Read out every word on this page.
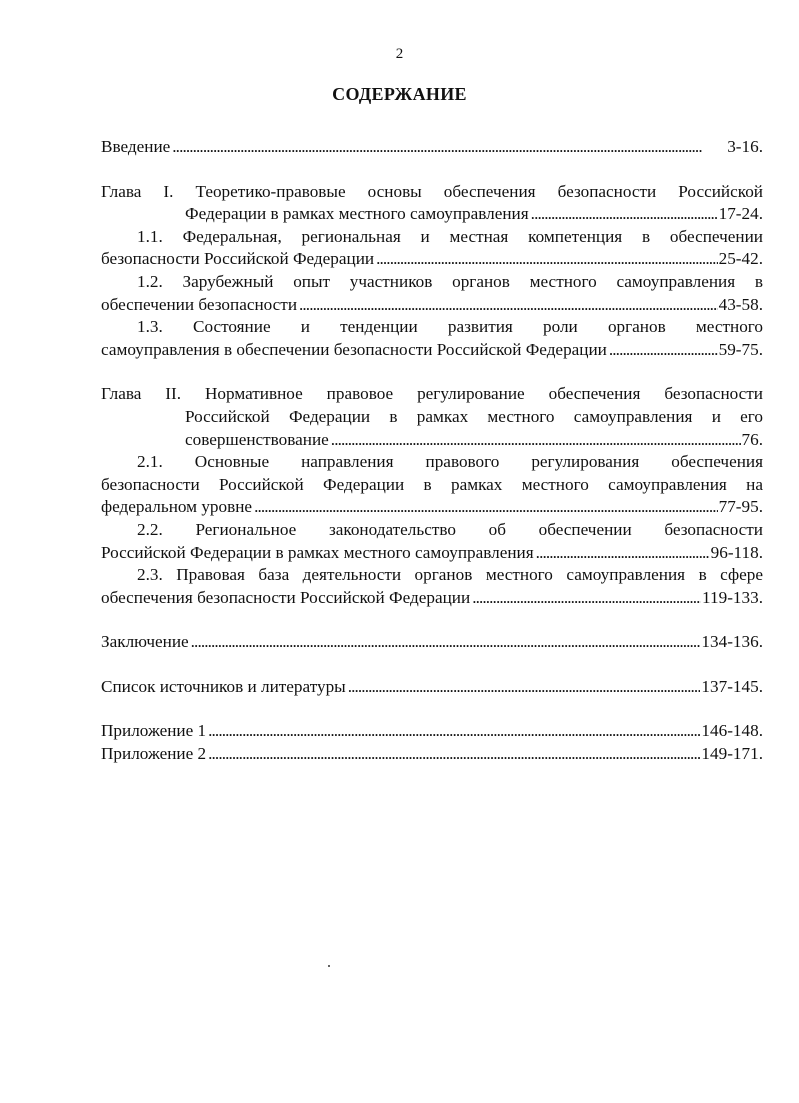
2
СОДЕРЖАНИЕ
Введение . . .	3-16.
Глава I. Теоретико-правовые основы обеспечения безопасности Российской
Федерации в рамках местного самоуправления . . .	17-24.
1.1. Федеральная, региональная и местная компетенция в обеспечении
безопасности Российской Федерации . . .	25-42.
1.2. Зарубежный опыт участников органов местного самоуправления в
обеспечении безопасности . . .	43-58.
1.3. Состояние и тенденции развития роли органов местного
самоуправления в обеспечении безопасности Российской Федерации . . .	59-75.
Глава II. Нормативное правовое регулирование обеспечения безопасности
Российской Федерации в рамках местного самоуправления и его
совершенствование . . .	76.
2.1. Основные направления правового регулирования обеспечения
безопасности Российской Федерации в рамках местного самоуправления на
федеральном уровне . . .	77-95.
2.2. Региональное законодательство об обеспечении безопасности
Российской Федерации в рамках местного самоуправления . . .	96-118.
2.3. Правовая база деятельности органов местного самоуправления в сфере
обеспечения безопасности Российской Федерации . . .	119-133.
Заключение . . .	134-136.
Список источников и литературы . . .	137-145.
Приложение 1 . . .	146-148.
Приложение 2 . . .	149-171.
